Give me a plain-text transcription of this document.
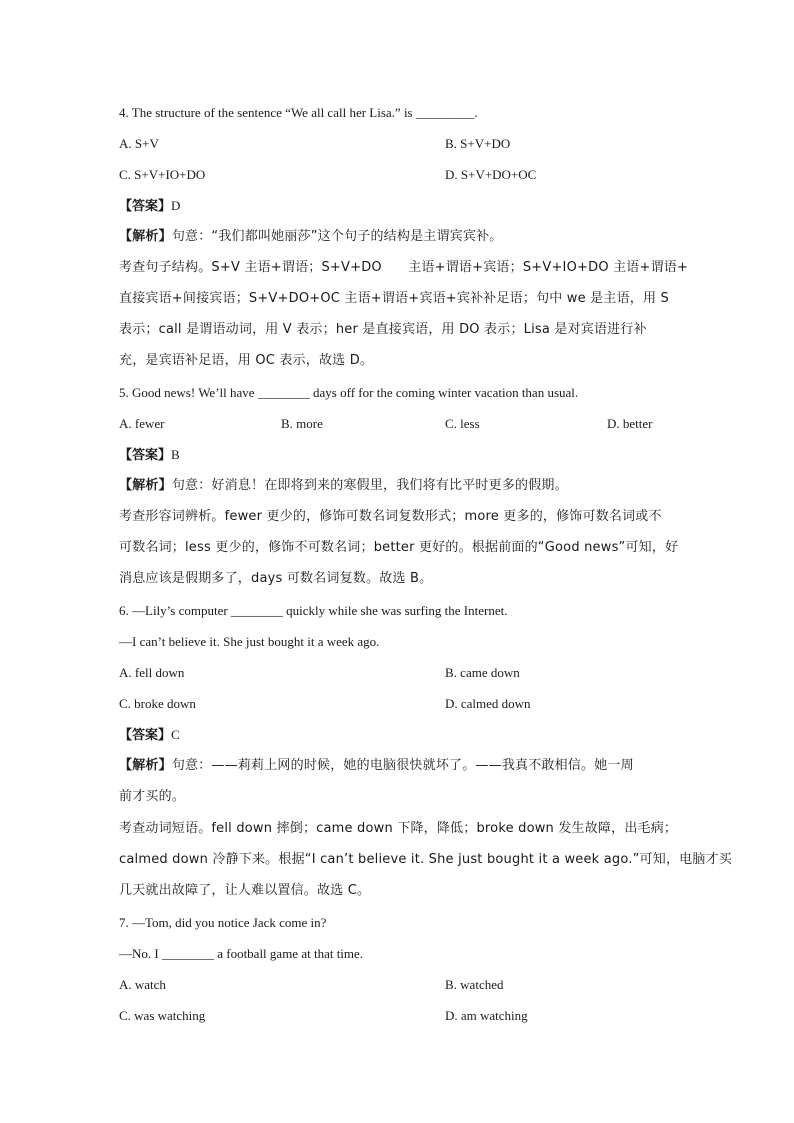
4. The structure of the sentence “We all call her Lisa.” is _________.
A. S+V	B. S+V+DO
C. S+V+IO+DO	D. S+V+DO+OC
【答案】D
【解析】句意：“我们都叫她丽莎”这个句子的结构是主谓宾宾补。
考查句子结构。S+V 主语+谓语；S+V+DO　　主语+谓语+宾语；S+V+IO+DO 主语+谓语+
直接宾语+间接宾语；S+V+DO+OC 主语+谓语+宾语+宾补补足语；句中 we 是主语，用 S
表示；call 是谓语动词，用 V 表示；her 是直接宾语，用 DO 表示；Lisa 是对宾语进行补
充，是宾语补足语，用 OC 表示，故选 D。
5. Good news! We’ll have ________ days off for the coming winter vacation than usual.
A. fewer	B. more	C. less	D. better
【答案】B
【解析】句意：好消息！在即将到来的寒假里，我们将有比平时更多的假期。
考查形容词辨析。fewer 更少的，修饰可数名词复数形式；more 更多的，修饰可数名词或不
可数名词；less 更少的，修饰不可数名词；better 更好的。根据前面的“Good news”可知，好
消息应该是假期多了，days 可数名词复数。故选 B。
6. —Lily’s computer ________ quickly while she was surfing the Internet.
—I can’t believe it. She just bought it a week ago.
A. fell down	B. came down
C. broke down	D. calmed down
【答案】C
【解析】句意：——莉莉上网的时候，她的电脑很快就坏了。——我真不敢相信。她一周
前才买的。
考查动词短语。fell down 摔倒；came down 下降，降低；broke down 发生故障，出毛病；
calmed down 冷静下来。根据“I can’t believe it. She just bought it a week ago.”可知，电脑才买
几天就出故障了，让人难以置信。故选 C。
7. —Tom, did you notice Jack come in?
—No. I ________ a football game at that time.
A. watch	B. watched
C. was watching	D. am watching
